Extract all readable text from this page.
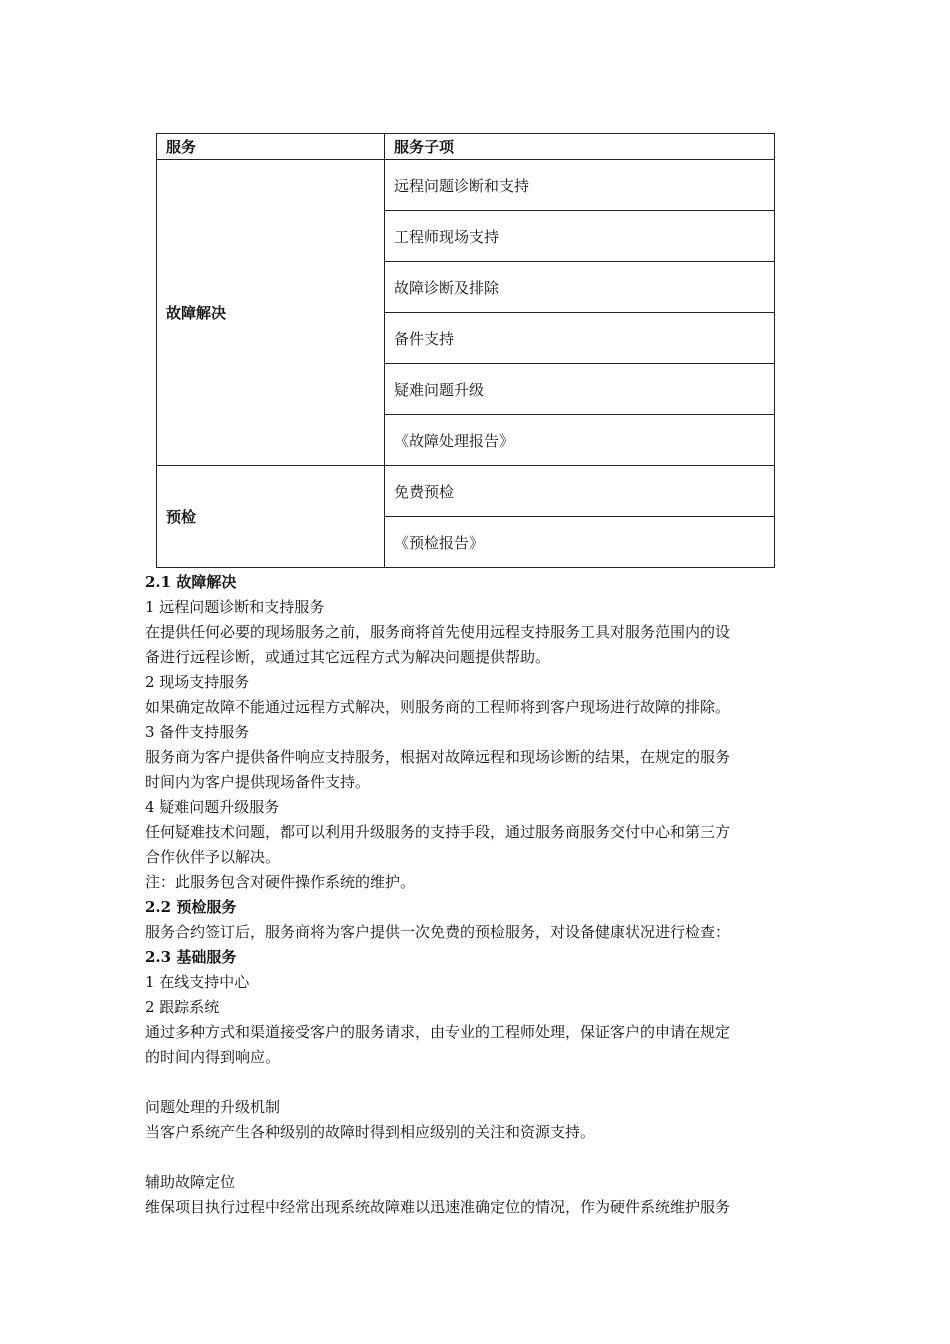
服务	服务子项
故障解决	远程问题诊断和支持
	工程师现场支持
	故障诊断及排除
	备件支持
	疑难问题升级
	《故障处理报告》
预检	免费预检
	《预检报告》

2.1 故障解决

1 远程问题诊断和支持服务

在提供任何必要的现场服务之前，服务商将首先使用远程支持服务工具对服务范围内的设

备进行远程诊断，或通过其它远程方式为解决问题提供帮助。

2 现场支持服务

如果确定故障不能通过远程方式解决，则服务商的工程师将到客户现场进行故障的排除。

3 备件支持服务

服务商为客户提供备件响应支持服务，根据对故障远程和现场诊断的结果，在规定的服务

时间内为客户提供现场备件支持。

4 疑难问题升级服务

任何疑难技术问题，都可以利用升级服务的支持手段，通过服务商服务交付中心和第三方

合作伙伴予以解决。

注：此服务包含对硬件操作系统的维护。

2.2 预检服务

服务合约签订后，服务商将为客户提供一次免费的预检服务，对设备健康状况进行检查：

2.3 基础服务

1 在线支持中心

2 跟踪系统

通过多种方式和渠道接受客户的服务请求，由专业的工程师处理，保证客户的申请在规定

的时间内得到响应。

问题处理的升级机制

当客户系统产生各种级别的故障时得到相应级别的关注和资源支持。

辅助故障定位

维保项目执行过程中经常出现系统故障难以迅速准确定位的情况，作为硬件系统维护服务
